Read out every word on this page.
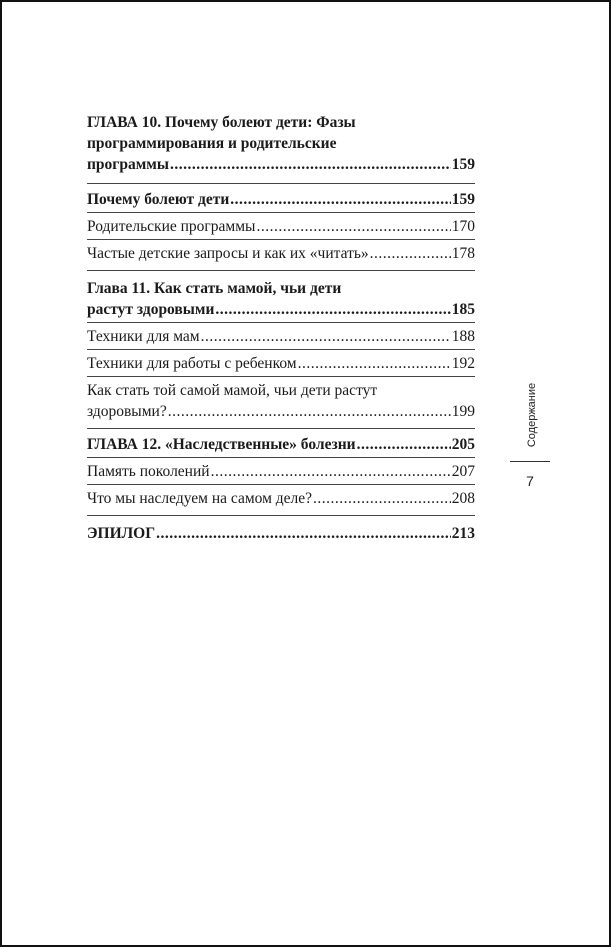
ГЛАВА 10. Почему болеют дети: Фазы
программирования и родительские
программы .....	159
Почему болеют дети .....	159
Родительские программы .....	170
Частые детские запросы и как их «читать» .....	178
Глава 11. Как стать мамой, чьи дети
растут здоровыми .....	185
Техники для мам .....	188
Техники для работы с ребенком .....	192
Как стать той самой мамой, чьи дети растут
здоровыми? .....	199
ГЛАВА 12. «Наследственные» болезни .....	205
Память поколений .....	207
Что мы наследуем на самом деле? .....	208
ЭПИЛОГ .....	213
Содержание
7
